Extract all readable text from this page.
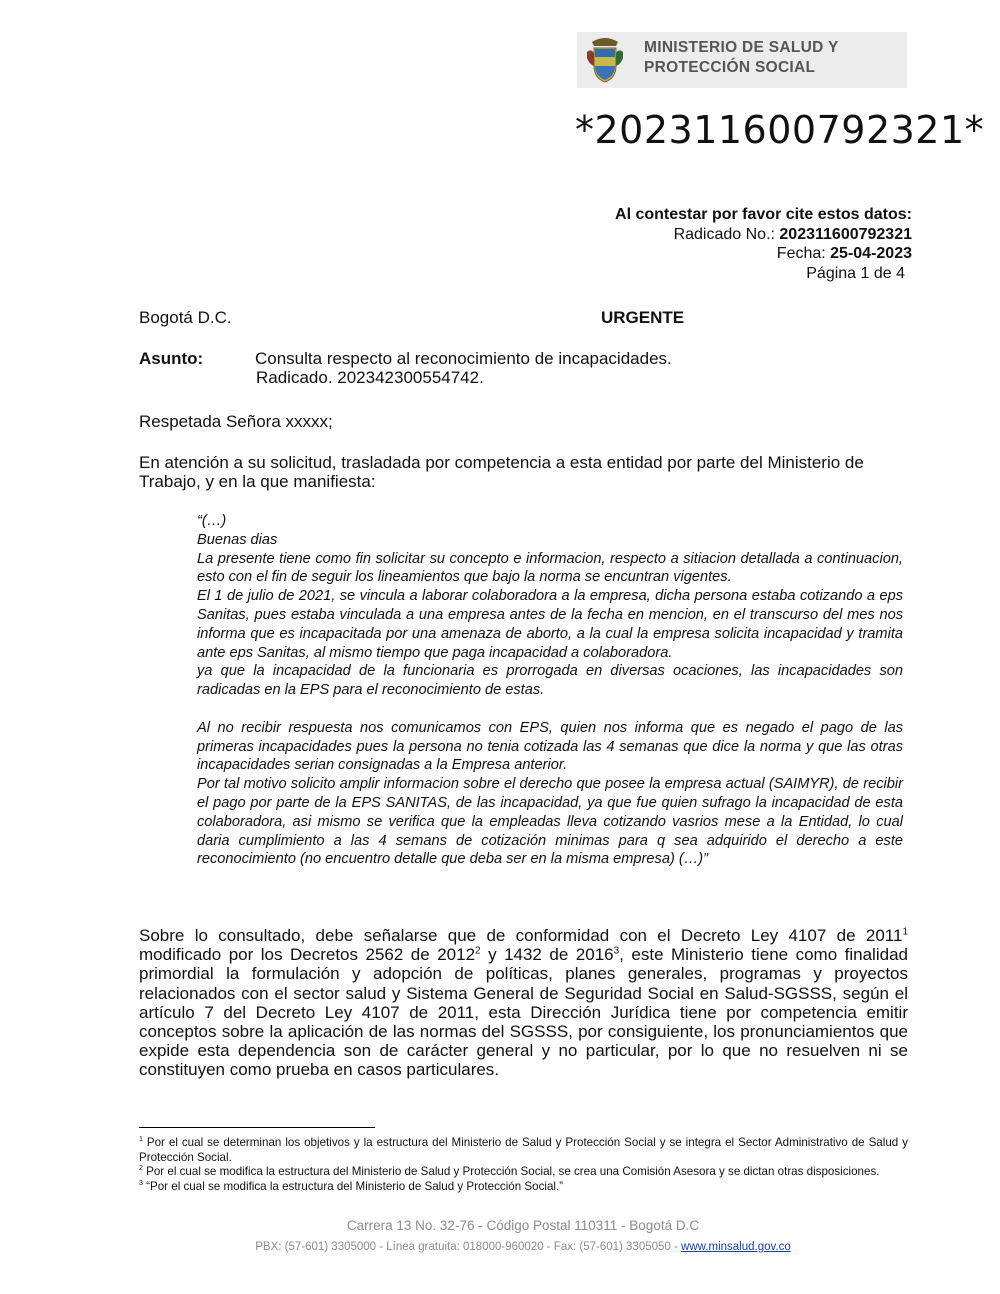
MINISTERIO DE SALUD Y
PROTECCIÓN SOCIAL
*202311600792321*
Al contestar por favor cite estos datos:
Radicado No.: 202311600792321
Fecha: 25-04-2023
Página 1 de 4
Bogotá D.C.	URGENTE
Asunto:	Consulta respecto al reconocimiento de incapacidades.
Radicado. 202342300554742.
Respetada Señora xxxxx;
En atención a su solicitud, trasladada por competencia a esta entidad por parte del Ministerio de Trabajo, y en la que manifiesta:

“(…)

Buenas dias

La presente tiene como fin solicitar su concepto e informacion, respecto a sitiacion detallada a continuacion, esto con el fin de seguir los lineamientos que bajo la norma se encuntran vigentes.

El 1 de julio de 2021, se vincula a laborar colaboradora a la empresa, dicha persona estaba cotizando a eps Sanitas, pues estaba vinculada a una empresa antes de la fecha en mencion, en el transcurso del mes nos informa que es incapacitada por una amenaza de aborto, a la cual la empresa solicita incapacidad y tramita ante eps Sanitas, al mismo tiempo que paga incapacidad a colaboradora.

ya que la incapacidad de la funcionaria es prorrogada en diversas ocaciones, las incapacidades son radicadas en la EPS para el reconocimiento de estas.

Al no recibir respuesta nos comunicamos con EPS, quien nos informa que es negado el pago de las primeras incapacidades pues la persona no tenia cotizada las 4 semanas que dice la norma y que las otras incapacidades serian consignadas a la Empresa anterior.

Por tal motivo solicito amplir informacion sobre el derecho que posee la empresa actual (SAIMYR), de recibir el pago por parte de la EPS SANITAS, de las incapacidad, ya que fue quien sufrago la incapacidad de esta colaboradora, asi mismo se verifica que la empleadas lleva cotizando vasrios mese a la Entidad, lo cual daria cumplimiento a las 4 semans de cotización minimas para q sea adquirido el derecho a este reconocimiento (no encuentro detalle que deba ser en la misma empresa) (…)”

Sobre lo consultado, debe señalarse que de conformidad con el Decreto Ley 4107 de 2011$^1$ modificado por los Decretos 2562 de 2012$^2$ y 1432 de 2016$^3$, este Ministerio tiene como finalidad primordial la formulación y adopción de políticas, planes generales, programas y proyectos relacionados con el sector salud y Sistema General de Seguridad Social en Salud-SGSSS, según el artículo 7 del Decreto Ley 4107 de 2011, esta Dirección Jurídica tiene por competencia emitir conceptos sobre la aplicación de las normas del SGSSS, por consiguiente, los pronunciamientos que expide esta dependencia son de carácter general y no particular, por lo que no resuelven ni se constituyen como prueba en casos particulares.

$^1$ Por el cual se determinan los objetivos y la estructura del Ministerio de Salud y Protección Social y se integra el Sector Administrativo de Salud y Protección Social.

$^2$ Por el cual se modifica la estructura del Ministerio de Salud y Protección Social, se crea una Comisión Asesora y se dictan otras disposiciones.

$^3$ “Por el cual se modifica la estructura del Ministerio de Salud y Protección Social.”

Carrera 13 No. 32-76 - Código Postal 110311 - Bogotá D.C
PBX: (57-601) 3305000 - Línea gratuita: 018000-960020 - Fax: (57-601) 3305050 - www.minsalud.gov.co
